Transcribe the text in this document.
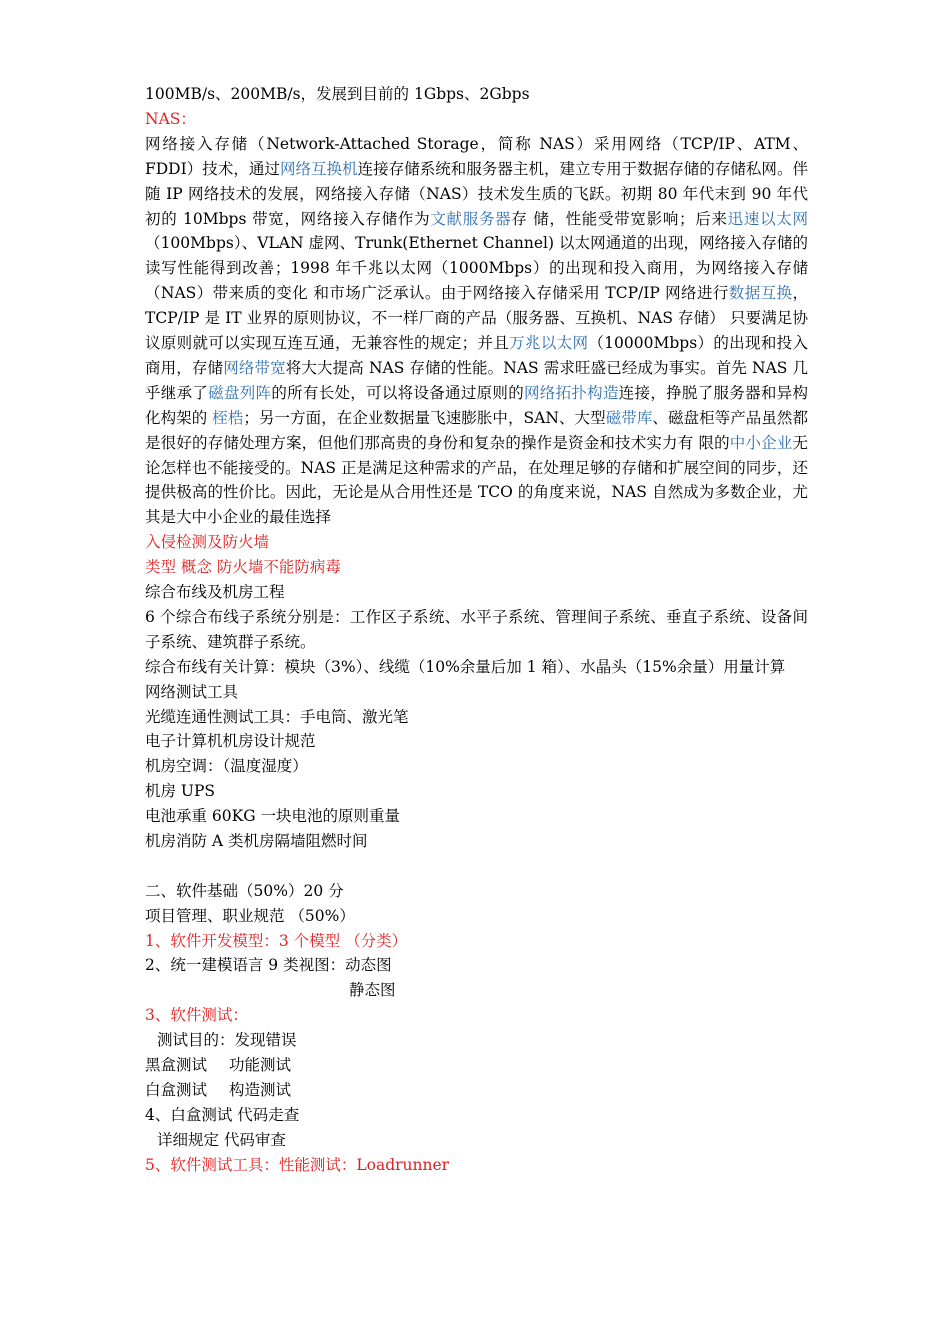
100MB/s、200MB/s，发展到目前的 1Gbps、2Gbps
NAS：
网络接入存储（Network-Attached Storage，简称 NAS）采用网络（TCP/IP、ATM、FDDI）技术，通过网络互换机连接存储系统和服务器主机，建立专用于数据存储的存储私网。伴随 IP 网络技术的发展，网络接入存储（NAS）技术发生质的飞跃。初期 80 年代末到 90 年代初的 10Mbps 带宽，网络接入存储作为文献服务器存 储，性能受带宽影响；后来迅速以太网（100Mbps）、VLAN 虚网、Trunk(Ethernet Channel) 以太网通道的出现，网络接入存储的读写性能得到改善；1998 年千兆以太网（1000Mbps）的出现和投入商用，为网络接入存储（NAS）带来质的变化 和市场广泛承认。由于网络接入存储采用 TCP/IP 网络进行数据互换，TCP/IP 是 IT 业界的原则协议，不一样厂商的产品（服务器、互换机、NAS 存储） 只要满足协议原则就可以实现互连互通，无兼容性的规定；并且万兆以太网（10000Mbps）的出现和投入商用，存储网络带宽将大大提高 NAS 存储的性能。NAS 需求旺盛已经成为事实。首先 NAS 几乎继承了磁盘列阵的所有长处，可以将设备通过原则的网络拓扑构造连接，挣脱了服务器和异构化构架的 桎梏；另一方面，在企业数据量飞速膨胀中，SAN、大型磁带库、磁盘柜等产品虽然都是很好的存储处理方案，但他们那高贵的身份和复杂的操作是资金和技术实力有 限的中小企业无论怎样也不能接受的。NAS 正是满足这种需求的产品，在处理足够的存储和扩展空间的同步，还提供极高的性价比。因此，无论是从合用性还是 TCO 的角度来说，NAS 自然成为多数企业，尤其是大中小企业的最佳选择
入侵检测及防火墙
类型 概念 防火墙不能防病毒
综合布线及机房工程
6 个综合布线子系统分别是：工作区子系统、水平子系统、管理间子系统、垂直子系统、设备间子系统、建筑群子系统。
综合布线有关计算：模块（3%）、线缆（10%余量后加 1 箱）、水晶头（15%余量）用量计算
网络测试工具
光缆连通性测试工具：手电筒、激光笔
电子计算机机房设计规范
机房空调：（温度湿度）
机房 UPS
电池承重 60KG 一块电池的原则重量
机房消防 A 类机房隔墙阻燃时间
二、软件基础（50%）20 分
项目管理、职业规范 （50%）
1、软件开发模型：3 个模型 （分类）
2、统一建模语言 9 类视图：动态图
静态图
3、软件测试：
测试目的：发现错误
黑盒测试 功能测试
白盒测试 构造测试
4、白盒测试 代码走查
详细规定 代码审查
5、软件测试工具：性能测试：Loadrunner
